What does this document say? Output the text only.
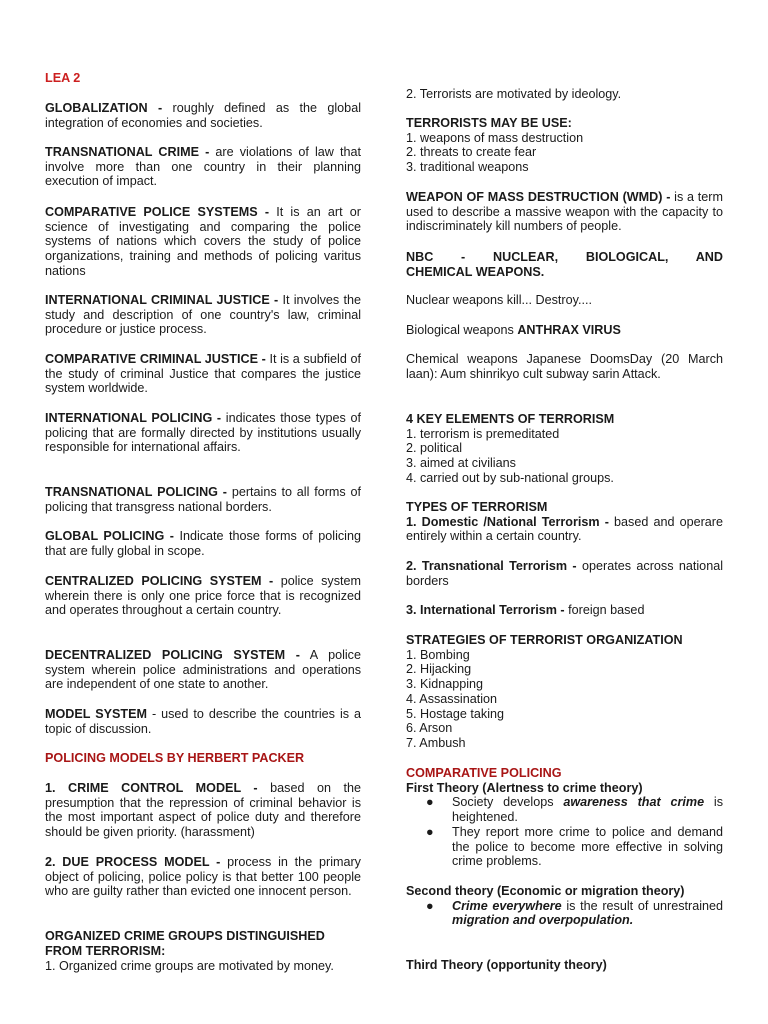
LEA 2

GLOBALIZATION - roughly defined as the global integration of economies and societies.

TRANSNATIONAL CRIME - are violations of law that involve more than one country in their planning execution of impact.

COMPARATIVE POLICE SYSTEMS - It is an art or science of investigating and comparing the police systems of nations which covers the study of police organizations, training and methods of policing varitus nations

INTERNATIONAL CRIMINAL JUSTICE - It involves the study and description of one country's law, criminal procedure or justice process.

COMPARATIVE CRIMINAL JUSTICE - It is a subfield of the study of criminal Justice that compares the justice system worldwide.

INTERNATIONAL POLICING - indicates those types of policing that are formally directed by institutions usually responsible for international affairs.

TRANSNATIONAL POLICING - pertains to all forms of policing that transgress national borders.

GLOBAL POLICING - Indicate those forms of policing that are fully global in scope.

CENTRALIZED POLICING SYSTEM - police system wherein there is only one price force that is recognized and operates throughout a certain country.

DECENTRALIZED POLICING SYSTEM - A police system wherein police administrations and operations are independent of one state to another.

MODEL SYSTEM - used to describe the countries is a topic of discussion.

POLICING MODELS BY HERBERT PACKER

1. CRIME CONTROL MODEL - based on the presumption that the repression of criminal behavior is the most important aspect of police duty and therefore should be given priority. (harassment)

2. DUE PROCESS MODEL - process in the primary object of policing, police policy is that better 100 people who are guilty rather than evicted one innocent person.

ORGANIZED CRIME GROUPS DISTINGUISHED
FROM TERRORISM:

1. Organized crime groups are motivated by money.

2. Terrorists are motivated by ideology.

TERRORISTS MAY BE USE:
1. weapons of mass destruction
2. threats to create fear
3. traditional weapons

WEAPON OF MASS DESTRUCTION (WMD) - is a term used to describe a massive weapon with the capacity to indiscriminately kill numbers of people.

NBC - NUCLEAR, BIOLOGICAL, AND
CHEMICAL WEAPONS.

Nuclear weapons kill... Destroy....

Biological weapons ANTHRAX VIRUS

Chemical weapons Japanese DoomsDay (20 March laan): Aum shinrikyo cult subway sarin Attack.

4 KEY ELEMENTS OF TERRORISM
1. terrorism is premeditated
2. political
3. aimed at civilians
4. carried out by sub-national groups.
TYPES OF TERRORISM
1. Domestic /National Terrorism - based and operare entirely within a certain country.

2. Transnational Terrorism - operates across national borders

3. International Terrorism - foreign based

STRATEGIES OF TERRORIST ORGANIZATION
1. Bombing
2. Hijacking
3. Kidnapping
4. Assassination
5. Hostage taking
6. Arson
7. Ambush
COMPARATIVE POLICING
First Theory (Alertness to crime theory)
● Society develops awareness that crime is heightened.
● They report more crime to police and demand the police to become more effective in solving crime problems.
Second theory (Economic or migration theory)
● Crime everywhere is the result of unrestrained migration and overpopulation.

Third Theory (opportunity theory)
